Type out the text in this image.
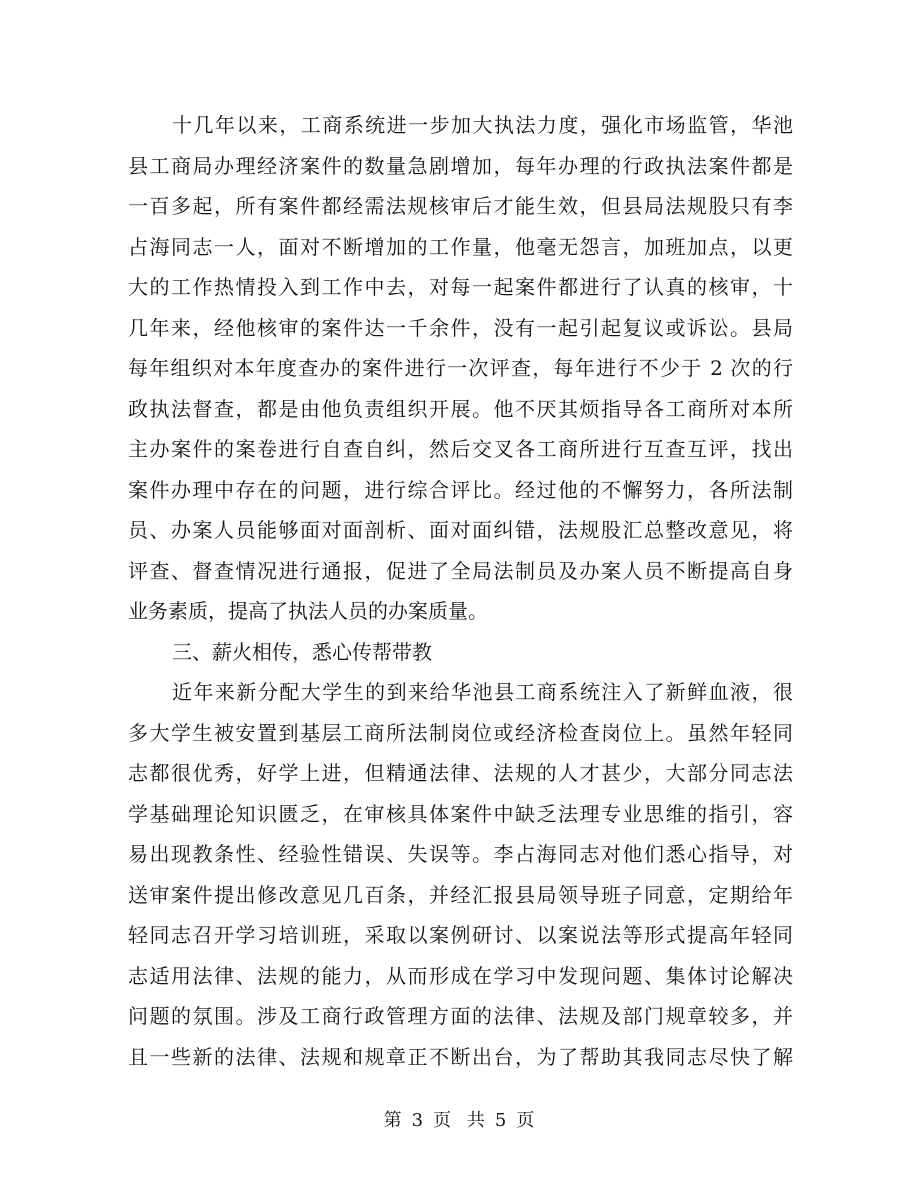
十几年以来，工商系统进一步加大执法力度，强化市场监管，华池
县工商局办理经济案件的数量急剧增加，每年办理的行政执法案件都是
一百多起，所有案件都经需法规核审后才能生效，但县局法规股只有李
占海同志一人，面对不断增加的工作量，他毫无怨言，加班加点，以更
大的工作热情投入到工作中去，对每一起案件都进行了认真的核审，十
几年来，经他核审的案件达一千余件，没有一起引起复议或诉讼。县局
每年组织对本年度查办的案件进行一次评查，每年进行不少于 2 次的行
政执法督查，都是由他负责组织开展。他不厌其烦指导各工商所对本所
主办案件的案卷进行自查自纠，然后交叉各工商所进行互查互评，找出
案件办理中存在的问题，进行综合评比。经过他的不懈努力，各所法制
员、办案人员能够面对面剖析、面对面纠错，法规股汇总整改意见，将
评查、督查情况进行通报，促进了全局法制员及办案人员不断提高自身
业务素质，提高了执法人员的办案质量。
三、薪火相传，悉心传帮带教
近年来新分配大学生的到来给华池县工商系统注入了新鲜血液，很
多大学生被安置到基层工商所法制岗位或经济检查岗位上。虽然年轻同
志都很优秀，好学上进，但精通法律、法规的人才甚少，大部分同志法
学基础理论知识匮乏，在审核具体案件中缺乏法理专业思维的指引，容
易出现教条性、经验性错误、失误等。李占海同志对他们悉心指导，对
送审案件提出修改意见几百条，并经汇报县局领导班子同意，定期给年
轻同志召开学习培训班，采取以案例研讨、以案说法等形式提高年轻同
志适用法律、法规的能力，从而形成在学习中发现问题、集体讨论解决
问题的氛围。涉及工商行政管理方面的法律、法规及部门规章较多，并
且一些新的法律、法规和规章正不断出台，为了帮助其我同志尽快了解
第 3 页 共 5 页
